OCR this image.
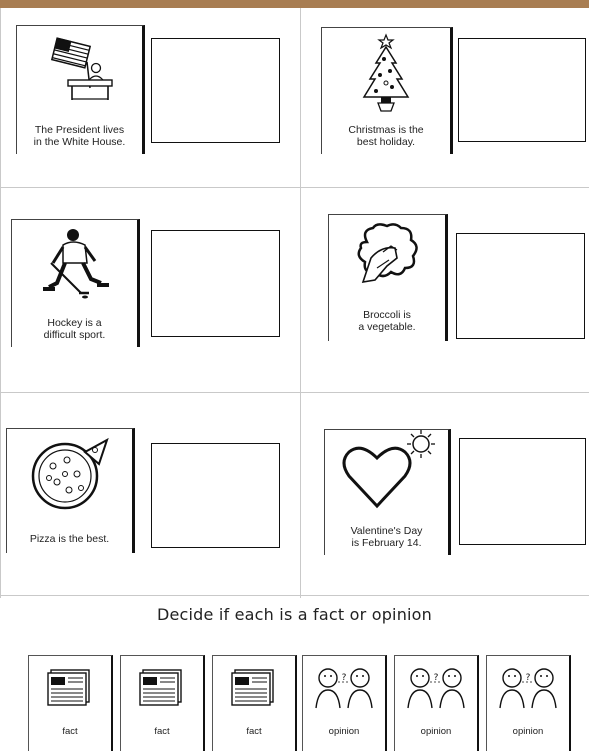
The President lives
in the White House.
Christmas is the
best holiday.
Hockey is a
difficult sport.
Broccoli is
a vegetable.
Pizza is the best.
Valentine's Day
is February 14.
Decide if each is a fact or opinion
fact	fact	fact
?
opinion
?
opinion
?
opinion
